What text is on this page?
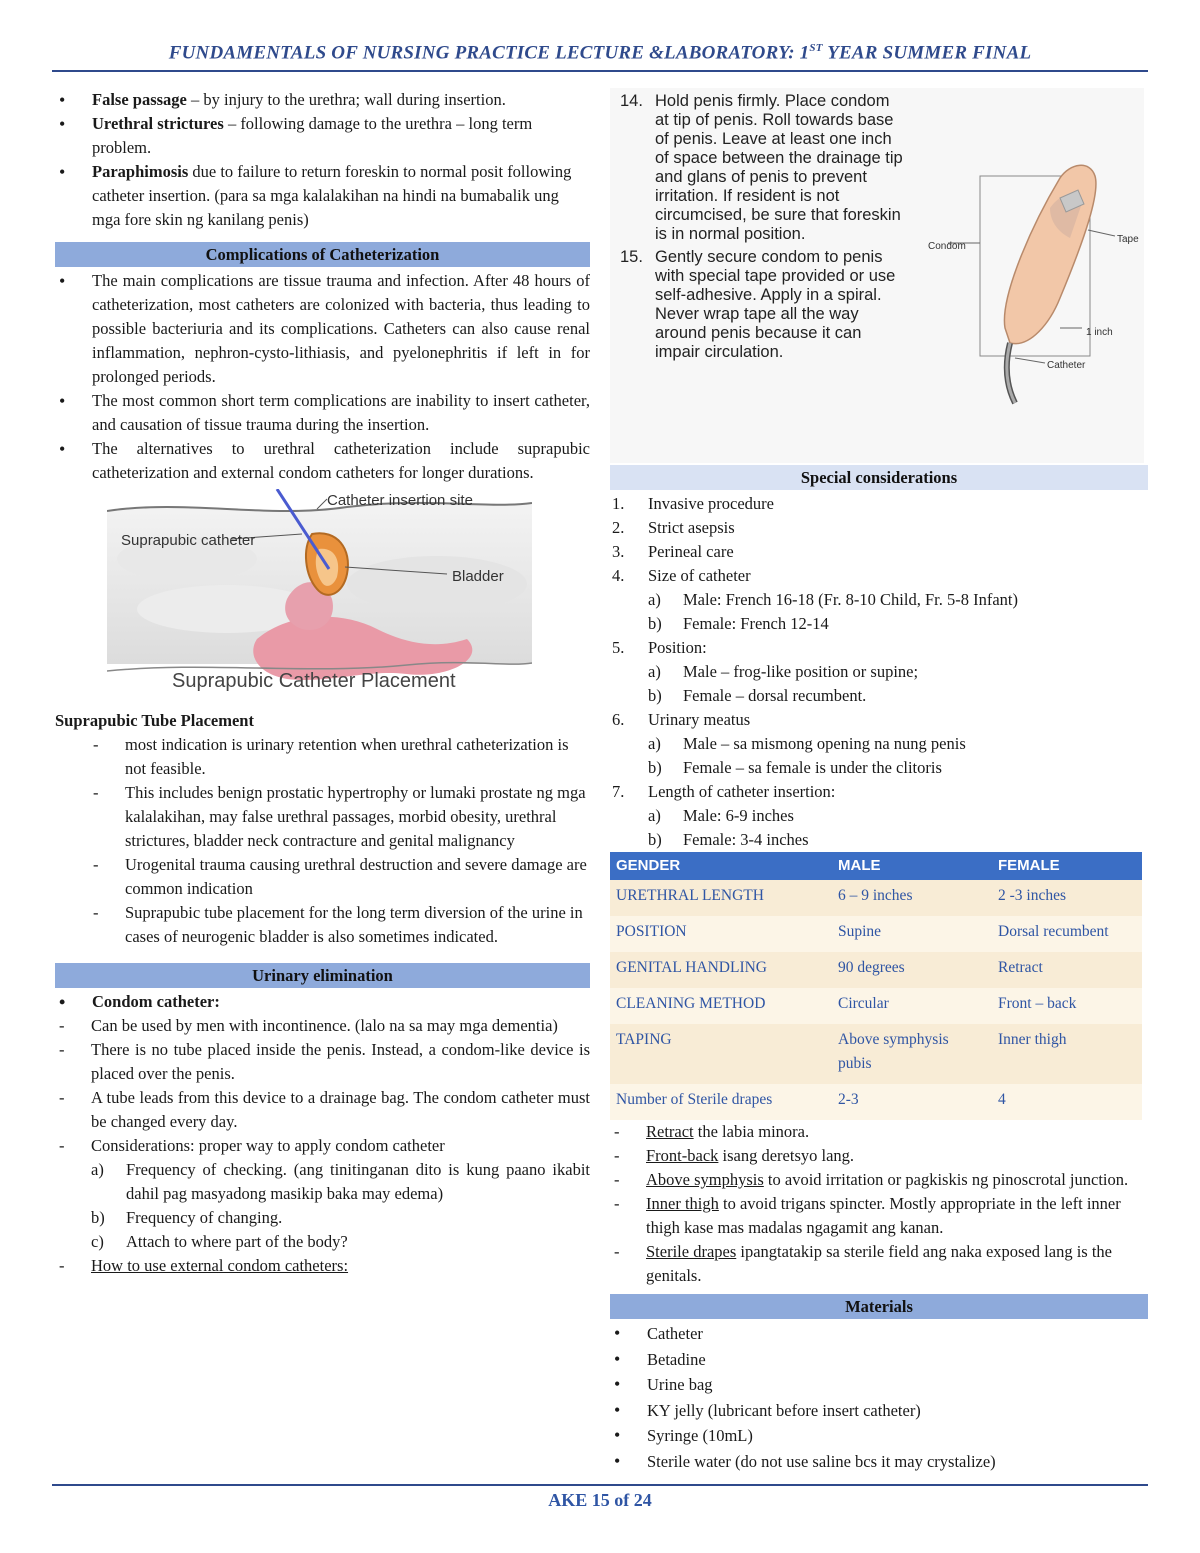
FUNDAMENTALS OF NURSING PRACTICE LECTURE &LABORATORY: 1ST YEAR SUMMER FINAL
• False passage – by injury to the urethra; wall during insertion.
• Urethral strictures – following damage to the urethra – long term problem.
• Paraphimosis due to failure to return foreskin to normal posit following catheter insertion. (para sa mga kalalakihan na hindi na bumabalik ung mga fore skin ng kanilang penis)
Complications of Catheterization
• The main complications are tissue trauma and infection. After 48 hours of catheterization, most catheters are colonized with bacteria, thus leading to possible bacteriuria and its complications. Catheters can also cause renal inflammation, nephron-cysto-lithiasis, and pyelonephritis if left in for prolonged periods.
• The most common short term complications are inability to insert catheter, and causation of tissue trauma during the insertion.
• The alternatives to urethral catheterization include suprapubic catheterization and external condom catheters for longer durations.
Catheter insertion site
Suprapubic catheter
Bladder
Suprapubic Catheter Placement
Suprapubic Tube Placement
- most indication is urinary retention when urethral catheterization is not feasible.
- This includes benign prostatic hypertrophy or lumaki prostate ng mga kalalakihan, may false urethral passages, morbid obesity, urethral strictures, bladder neck contracture and genital malignancy
- Urogenital trauma causing urethral destruction and severe damage are common indication
- Suprapubic tube placement for the long term diversion of the urine in cases of neurogenic bladder is also sometimes indicated.
Urinary elimination
• Condom catheter:
- Can be used by men with incontinence. (lalo na sa may mga dementia)
- There is no tube placed inside the penis. Instead, a condom-like device is placed over the penis.
- A tube leads from this device to a drainage bag. The condom catheter must be changed every day.
- Considerations: proper way to apply condom catheter
a) Frequency of checking. (ang tinitinganan dito is kung paano ikabit dahil pag masyadong masikip baka may edema)
b) Frequency of changing.
c) Attach to where part of the body?
- How to use external condom catheters:
14. Hold penis firmly. Place condom at tip of penis. Roll towards base of penis. Leave at least one inch of space between the drainage tip and glans of penis to prevent irritation. If resident is not circumcised, be sure that foreskin is in normal position.
15. Gently secure condom to penis with special tape provided or use self-adhesive. Apply in a spiral. Never wrap tape all the way around penis because it can impair circulation.
Condom
Tape
1 inch
Catheter
Special considerations
1. Invasive procedure
2. Strict asepsis
3. Perineal care
4. Size of catheter
a) Male: French 16-18 (Fr. 8-10 Child, Fr. 5-8 Infant)
b) Female: French 12-14
5. Position:
a) Male – frog-like position or supine;
b) Female – dorsal recumbent.
6. Urinary meatus
a) Male – sa mismong opening na nung penis
b) Female – sa female is under the clitoris
7. Length of catheter insertion:
a) Male: 6-9 inches
b) Female: 3-4 inches
GENDER	MALE	FEMALE
URETHRAL LENGTH	6 – 9 inches	2 -3 inches
POSITION	Supine	Dorsal recumbent
GENITAL HANDLING	90 degrees	Retract
CLEANING METHOD	Circular	Front – back
TAPING	Above symphysis pubis	Inner thigh
Number of Sterile drapes	2-3	4
- Retract the labia minora.
- Front-back isang deretsyo lang.
- Above symphysis to avoid irritation or pagkiskis ng pinoscrotal junction.
- Inner thigh to avoid trigans spincter. Mostly appropriate in the left inner thigh kase mas madalas ngagamit ang kanan.
- Sterile drapes ipangtatakip sa sterile field ang naka exposed lang is the genitals.
Materials
• Catheter
• Betadine
• Urine bag
• KY jelly (lubricant before insert catheter)
• Syringe (10mL)
• Sterile water (do not use saline bcs it may crystalize)
AKE 15 of 24
